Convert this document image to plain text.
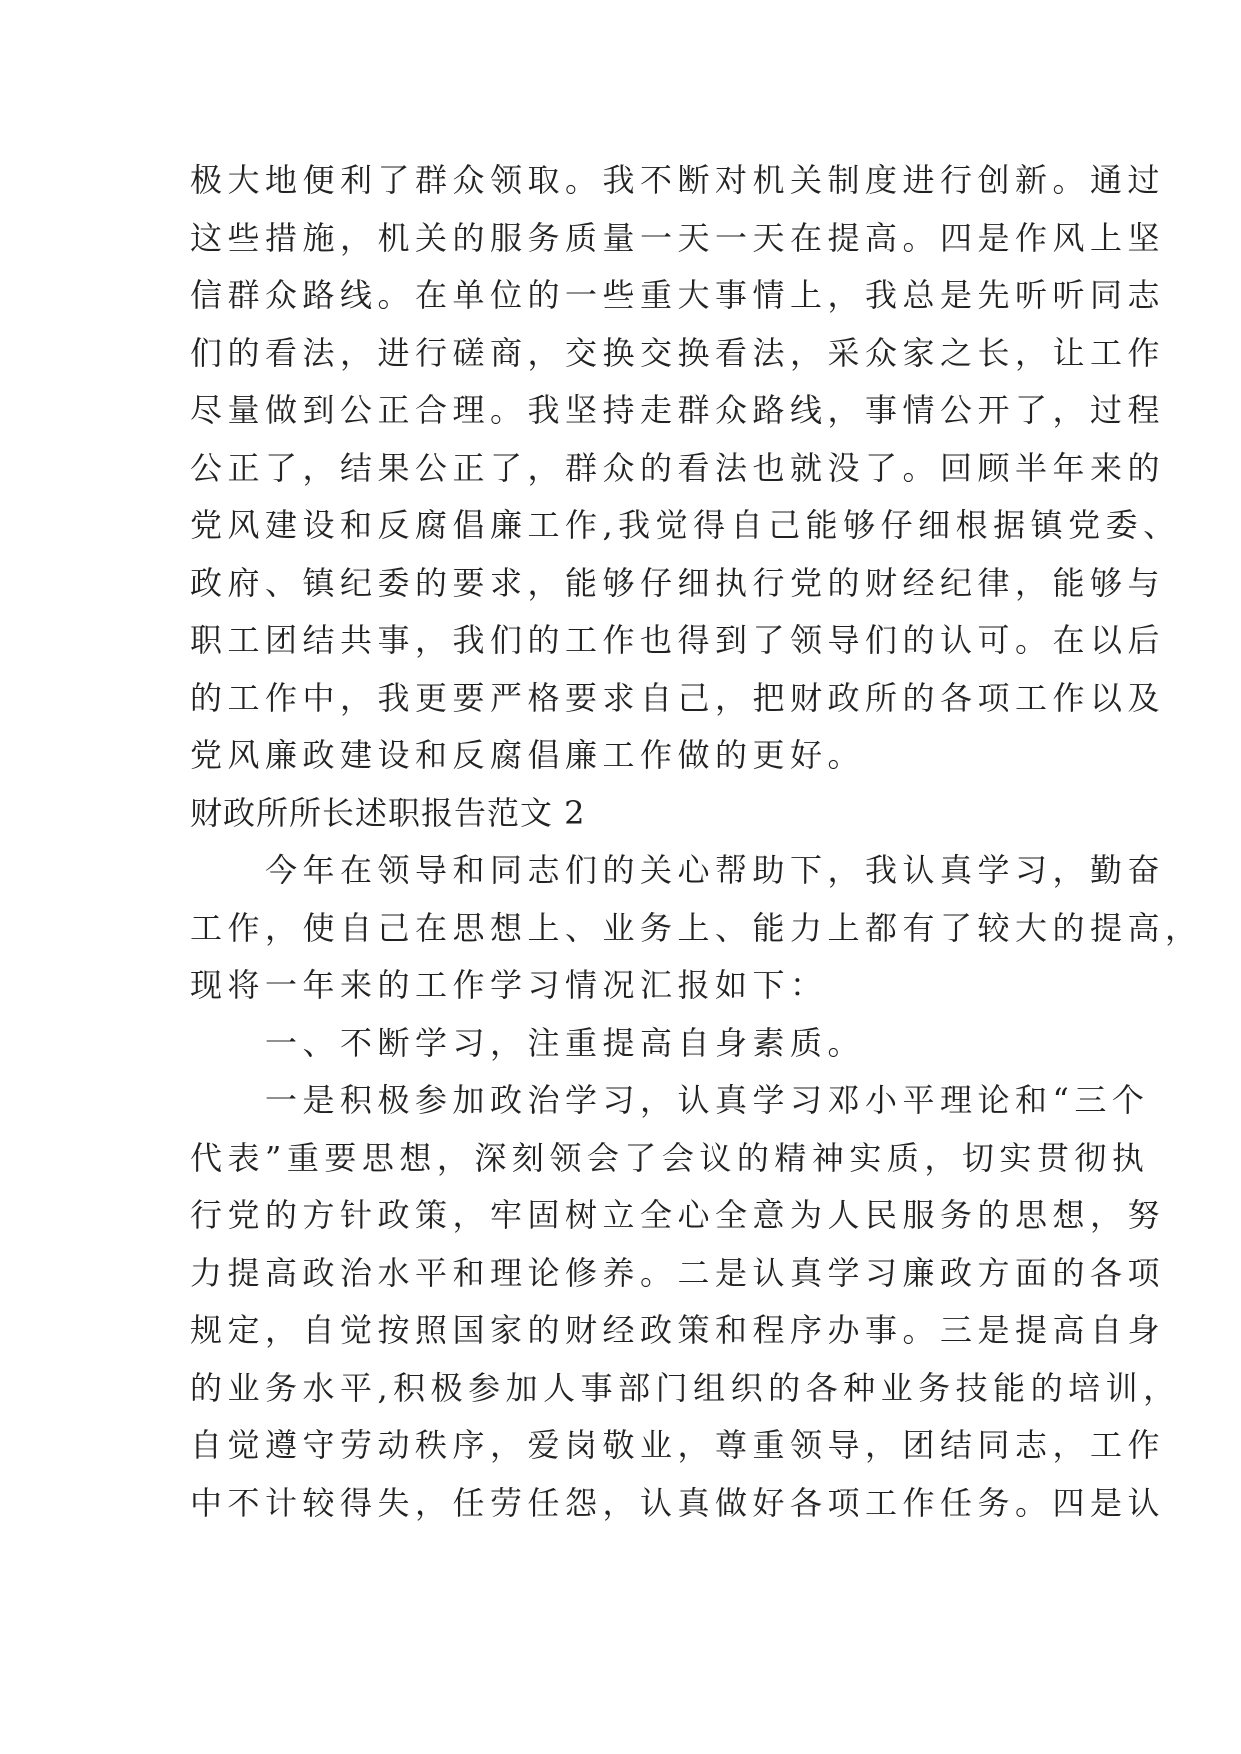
极大地便利了群众领取。我不断对机关制度进行创新。通过
这些措施，机关的服务质量一天一天在提高。四是作风上坚
信群众路线。在单位的一些重大事情上，我总是先听听同志
们的看法，进行磋商，交换交换看法，采众家之长，让工作
尽量做到公正合理。我坚持走群众路线，事情公开了，过程
公正了，结果公正了，群众的看法也就没了。回顾半年来的
党风建设和反腐倡廉工作,我觉得自己能够仔细根据镇党委、
政府、镇纪委的要求，能够仔细执行党的财经纪律，能够与
职工团结共事，我们的工作也得到了领导们的认可。在以后
的工作中，我更要严格要求自己，把财政所的各项工作以及
党风廉政建设和反腐倡廉工作做的更好。
财政所所长述职报告范文 2
　　今年在领导和同志们的关心帮助下，我认真学习，勤奋
工作，使自己在思想上、业务上、能力上都有了较大的提高，
现将一年来的工作学习情况汇报如下：
　　一、不断学习，注重提高自身素质。
　　一是积极参加政治学习，认真学习邓小平理论和“三个
代表”重要思想，深刻领会了会议的精神实质，切实贯彻执
行党的方针政策，牢固树立全心全意为人民服务的思想，努
力提高政治水平和理论修养。二是认真学习廉政方面的各项
规定，自觉按照国家的财经政策和程序办事。三是提高自身
的业务水平,积极参加人事部门组织的各种业务技能的培训，
自觉遵守劳动秩序，爱岗敬业，尊重领导，团结同志，工作
中不计较得失，任劳任怨，认真做好各项工作任务。四是认
